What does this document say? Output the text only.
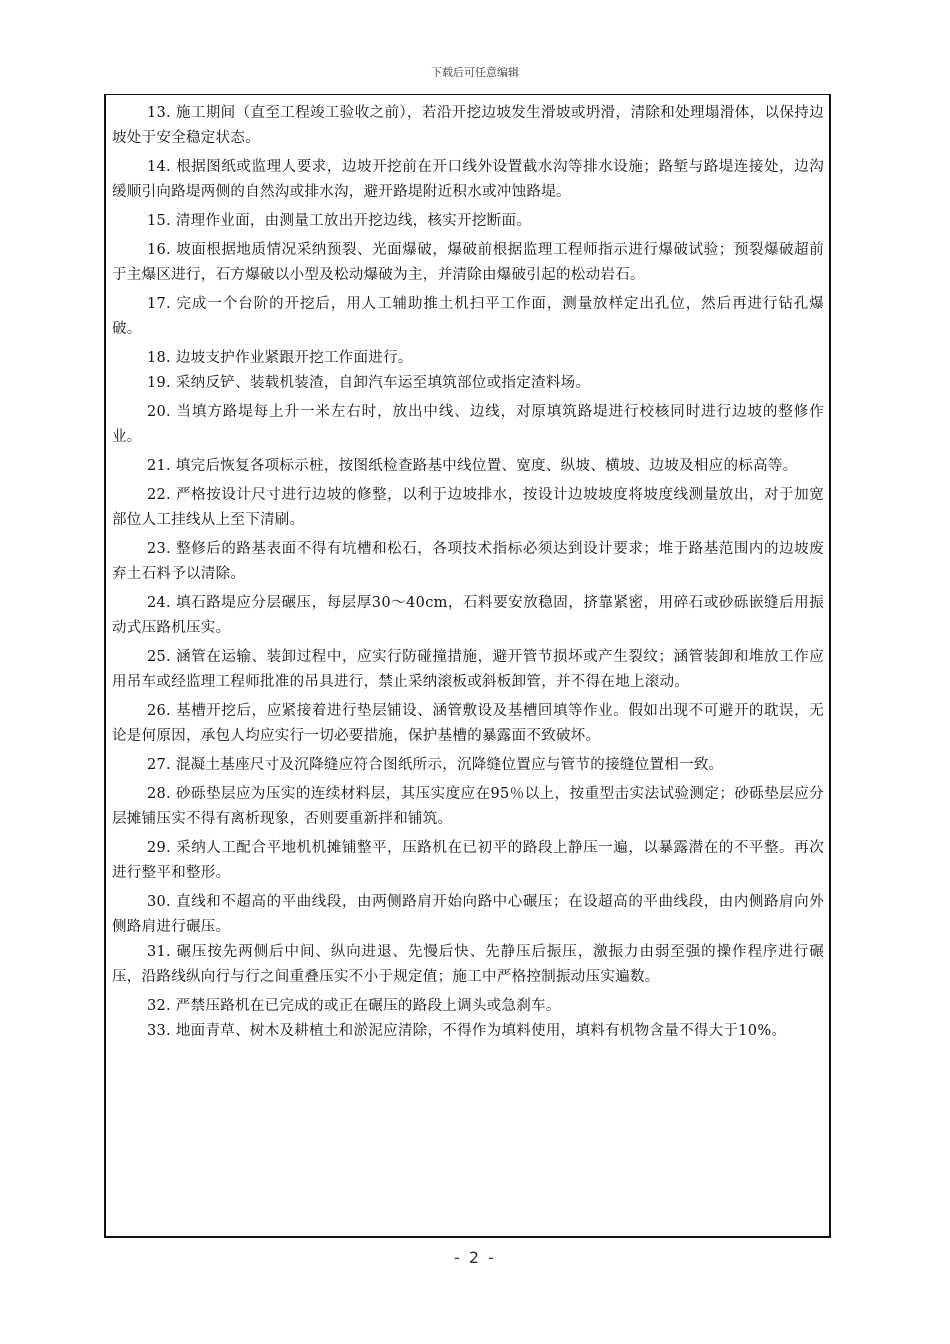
下载后可任意编辑

13. 施工期间（直至工程竣工验收之前），若沿开挖边坡发生滑坡或坍滑，清除和处理塌滑体，以保持边坡处于安全稳定状态。

14. 根据图纸或监理人要求，边坡开挖前在开口线外设置截水沟等排水设施；路堑与路堤连接处，边沟缓顺引向路堤两侧的自然沟或排水沟，避开路堤附近积水或冲蚀路堤。

15. 清理作业面，由测量工放出开挖边线，核实开挖断面。

16. 坡面根据地质情况采纳预裂、光面爆破，爆破前根据监理工程师指示进行爆破试验；预裂爆破超前于主爆区进行，石方爆破以小型及松动爆破为主，并清除由爆破引起的松动岩石。

17. 完成一个台阶的开挖后，用人工辅助推土机扫平工作面，测量放样定出孔位，然后再进行钻孔爆破。

18. 边坡支护作业紧跟开挖工作面进行。

19. 采纳反铲、装载机装渣，自卸汽车运至填筑部位或指定渣料场。

20. 当填方路堤每上升一米左右时，放出中线、边线，对原填筑路堤进行校核同时进行边坡的整修作业。

21. 填完后恢复各项标示桩，按图纸检查路基中线位置、宽度、纵坡、横坡、边坡及相应的标高等。

22. 严格按设计尺寸进行边坡的修整，以利于边坡排水，按设计边坡坡度将坡度线测量放出，对于加宽部位人工挂线从上至下清刷。

23. 整修后的路基表面不得有坑槽和松石，各项技术指标必须达到设计要求；堆于路基范围内的边坡废弃土石料予以清除。

24. 填石路堤应分层碾压，每层厚30～40cm，石料要安放稳固，挤靠紧密，用碎石或砂砾嵌缝后用振动式压路机压实。

25. 涵管在运输、装卸过程中，应实行防碰撞措施，避开管节损坏或产生裂纹；涵管装卸和堆放工作应用吊车或经监理工程师批准的吊具进行，禁止采纳滚板或斜板卸管，并不得在地上滚动。

26. 基槽开挖后，应紧接着进行垫层铺设、涵管敷设及基槽回填等作业。假如出现不可避开的耽误，无论是何原因，承包人均应实行一切必要措施，保护基槽的暴露面不致破坏。

27. 混凝土基座尺寸及沉降缝应符合图纸所示，沉降缝位置应与管节的接缝位置相一致。

28. 砂砾垫层应为压实的连续材料层，其压实度应在95％以上，按重型击实法试验测定；砂砾垫层应分层摊铺压实不得有离析现象，否则要重新拌和铺筑。

29. 采纳人工配合平地机机摊铺整平，压路机在已初平的路段上静压一遍，以暴露潜在的不平整。再次进行整平和整形。

30. 直线和不超高的平曲线段，由两侧路肩开始向路中心碾压；在设超高的平曲线段，由内侧路肩向外侧路肩进行碾压。

31. 碾压按先两侧后中间、纵向进退、先慢后快、先静压后振压，激振力由弱至强的操作程序进行碾压，沿路线纵向行与行之间重叠压实不小于规定值；施工中严格控制振动压实遍数。

32. 严禁压路机在已完成的或正在碾压的路段上调头或急刹车。

33. 地面青草、树木及耕植土和淤泥应清除，不得作为填料使用，填料有机物含量不得大于10%。

- 2 -
